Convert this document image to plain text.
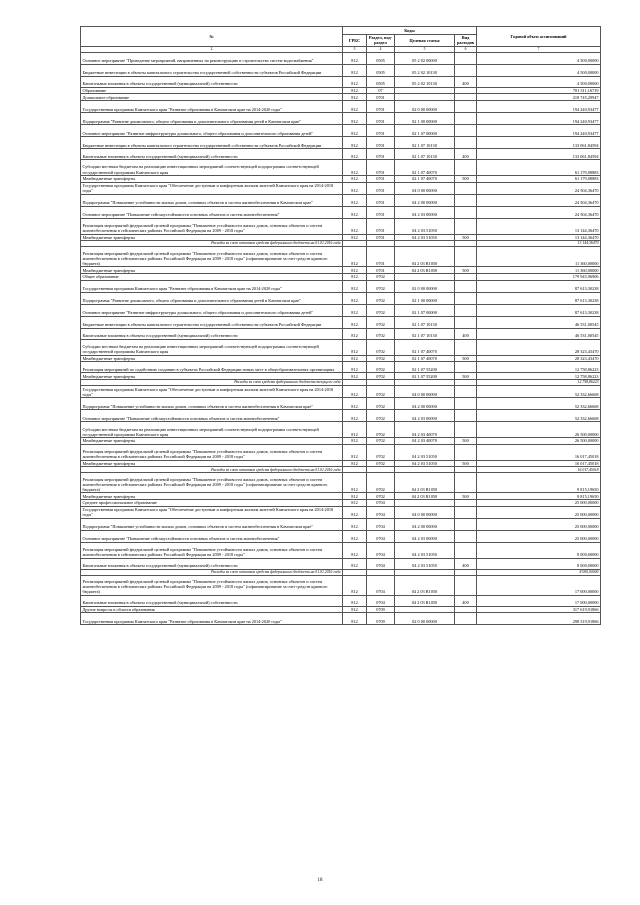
№	Коды				Годовой объем ассигнований
	ГРБС	Раздел, под-раздел	Целевая статья	Вид расходов	
2	3	4	5	6	7
Основное мероприятие "Проведение мероприятий, направленных на реконструкцию и строительство систем водоснабжения"	812	0505	05 2 02 00000		4 500,00000
Бюджетные инвестиции в объекты капитального строительства государственной собственности субъектов Российской Федерации	812	0505	05 2 02 10130		4 500,00000
Капитальные вложения в объекты государственной (муниципальной) собственности	812	0505	05 2 02 10130	400	4 500,00000
Образование	812	07			701 311,16719
Дошкольное образование	812	0701			218 745,29947
Государственная программа Камчатского края "Развитие образования в Камчатском крае на 2014-2020 годы"	812	0701	02 0 00 00000		194 240,93477
Подпрограмма "Развитие дошкольного, общего образования и дополнительного образования детей в Камчатском крае"	812	0701	02 1 00 00000		194 240,93477
Основное мероприятие "Развитие инфраструктуры дошкольного, общего образования и дополнительного образования детей"	812	0701	02 1 07 00000		194 240,93477
Бюджетные инвестиции в объекты капитального строительства государственной собственности субъектов Российской Федерации	812	0701	02 1 07 10130		133 061,84594
Капитальные вложения в объекты государственной (муниципальной) собственности	812	0701	02 1 07 10130	400	133 061,84594
Субсидии местным бюджетам на реализацию инвестиционных мероприятий соответствующей подпрограммы соответствующей государственной программы Камчатского края	812	0701	02 1 07 40070		61 179,08883
Межбюджетные трансферты	812	0701	02 1 07 40070	500	61 179,08883
Государственная программа Камчатского края "Обеспечение доступным и комфортным жильем жителей Камчатского края на 2014-2018 годы"	812	0701	04 0 00 00000		24 504,36470
Подпрограмма "Повышение устойчивости жилых домов, основных объектов и систем жизнеобеспечения в Камчатском крае"	812	0701	04 2 00 00000		24 504,36470
Основное мероприятие "Повышение сейсмоустойчивости основных объектов и систем жизнеобеспечения"	812	0701	04 2 03 00000		24 504,36470
Реализация мероприятий федеральной целевой программы "Повышение устойчивости жилых домов, основных объектов и систем жизнеобеспечения в сейсмических районах Российской Федерации на 2009 - 2018 годы"	812	0701	04 2 03 51050		13 144,36470
Межбюджетные трансферты	812	0701	04 2 03 51050	500	13 144,36470
Расходы за счет остатков средств федерального бюджета на 01.01.2016 года					13 144,36470
Реализация мероприятий федеральной целевой программы "Повышение устойчивости жилых домов, основных объектов и систем жизнеобеспечения в сейсмических районах Российской Федерации на 2009 - 2018 годы" (софинансирование за счет средств краевого бюджета)	812	0701	04 2 03 R1050		11 360,00000
Межбюджетные трансферты	812	0701	04 2 03 R1050	500	11 360,00000
Общее образование	812	0702			179 945,96906
Государственная программа Камчатского края "Развитие образования в Камчатском крае на 2014-2020 годы"	812	0702	02 0 00 00000		87 613,30238
Подпрограмма "Развитие дошкольного, общего образования и дополнительного образования детей в Камчатском крае"	812	0702	02 1 00 00000		87 613,30238
Основное мероприятие "Развитие инфраструктуры дошкольного, общего образования и дополнительного образования детей"	812	0702	02 1 07 00000		87 613,30238
Бюджетные инвестиции в объекты капитального строительства государственной собственности субъектов Российской Федерации	812	0702	02 1 07 10130		46 531,00545
Капитальные вложения в объекты государственной (муниципальной) собственности	812	0702	02 1 07 10130	400	46 531,00545
Субсидии местным бюджетам на реализацию инвестиционных мероприятий соответствующей подпрограммы соответствующей государственной программы Камчатского края	812	0702	02 1 07 40070		28 323,43470
Межбюджетные трансферты	812	0702	02 1 07 40070	500	28 323,43470
Реализация мероприятий по содействию созданию в субъектах Российской Федерации новых мест в общеобразовательных организациях	812	0702	02 1 07 55200		12 758,86223
Межбюджетные трансферты	812	0702	02 1 07 55200	500	12 758,86223
Расходы за счет средств федерального бюджета текущего года					12 758,86223
Государственная программа Камчатского края "Обеспечение доступным и комфортным жильем жителей Камчатского края на 2014-2018 годы"	812	0702	04 0 00 00000		52 332,66668
Подпрограмма "Повышение устойчивости жилых домов, основных объектов и систем жизнеобеспечения в Камчатском крае"	812	0702	04 2 00 00000		52 332,66668
Основное мероприятие "Повышение сейсмоустойчивости основных объектов и систем жизнеобеспечения"	812	0702	04 2 03 00000		52 332,66668
Субсидии местным бюджетам на реализацию инвестиционных мероприятий соответствующей подпрограммы соответствующей государственной программы Камчатского края	812	0702	04 2 03 40070		26 500,00000
Межбюджетные трансферты	812	0702	04 2 03 40070	500	26 500,00000
Реализация мероприятий федеральной целевой программы "Повышение устойчивости жилых домов, основных объектов и систем жизнеобеспечения в сейсмических районах Российской Федерации на 2009 - 2018 годы"	812	0702	04 2 03 51050		16 017,45018
Межбюджетные трансферты	812	0702	04 2 03 51050	500	16 017,45018
Расходы за счет остатков средств федерального бюджета на 01.01.2016 года					16 017,45018
Реализация мероприятий федеральной целевой программы "Повышение устойчивости жилых домов, основных объектов и систем жизнеобеспечения в сейсмических районах Российской Федерации на 2009 - 2018 годы" (софинансирование за счет средств краевого бюджета)	812	0702	04 2 03 R1050		9 815,19650
Межбюджетные трансферты	812	0702	04 2 03 R1050	500	9 815,19650
Среднее профессиональное образование	812	0704			25 000,00000
Государственная программа Камчатского края "Обеспечение доступным и комфортным жильем жителей Камчатского края на 2014-2018 годы"	812	0704	04 0 00 00000		25 000,00000
Подпрограмма "Повышение устойчивости жилых домов, основных объектов и систем жизнеобеспечения в Камчатском крае"	812	0704	04 2 00 00000		25 000,00000
Основное мероприятие "Повышение сейсмоустойчивости основных объектов и систем жизнеобеспечения"	812	0704	04 2 03 00000		25 000,00000
Реализация мероприятий федеральной целевой программы "Повышение устойчивости жилых домов, основных объектов и систем жизнеобеспечения в сейсмических районах Российской Федерации на 2009 - 2018 годы"	812	0704	04 2 03 51050		8 000,00000
Капитальные вложения в объекты государственной (муниципальной) собственности	812	0704	04 2 03 51050	400	8 000,00000
Расходы за счет остатков средств федерального бюджета на 01.01.2016 года					8 000,00000
Реализация мероприятий федеральной целевой программы "Повышение устойчивости жилых домов, основных объектов и систем жизнеобеспечения в сейсмических районах Российской Федерации на 2009 - 2018 годы" (софинансирование за счет средств краевого бюджета)	812	0704	04 2 03 R1050		17 000,00000
Капитальные вложения в объекты государственной (муниципальной) собственности	812	0704	04 2 03 R1050	400	17 000,00000
Другие вопросы в области образования	812	0709			317 619,91866
Государственная программа Камчатского края "Развитие образования в Камчатском крае на 2014-2020 годы"	812	0709	02 0 00 00000		298 319,91866
18
